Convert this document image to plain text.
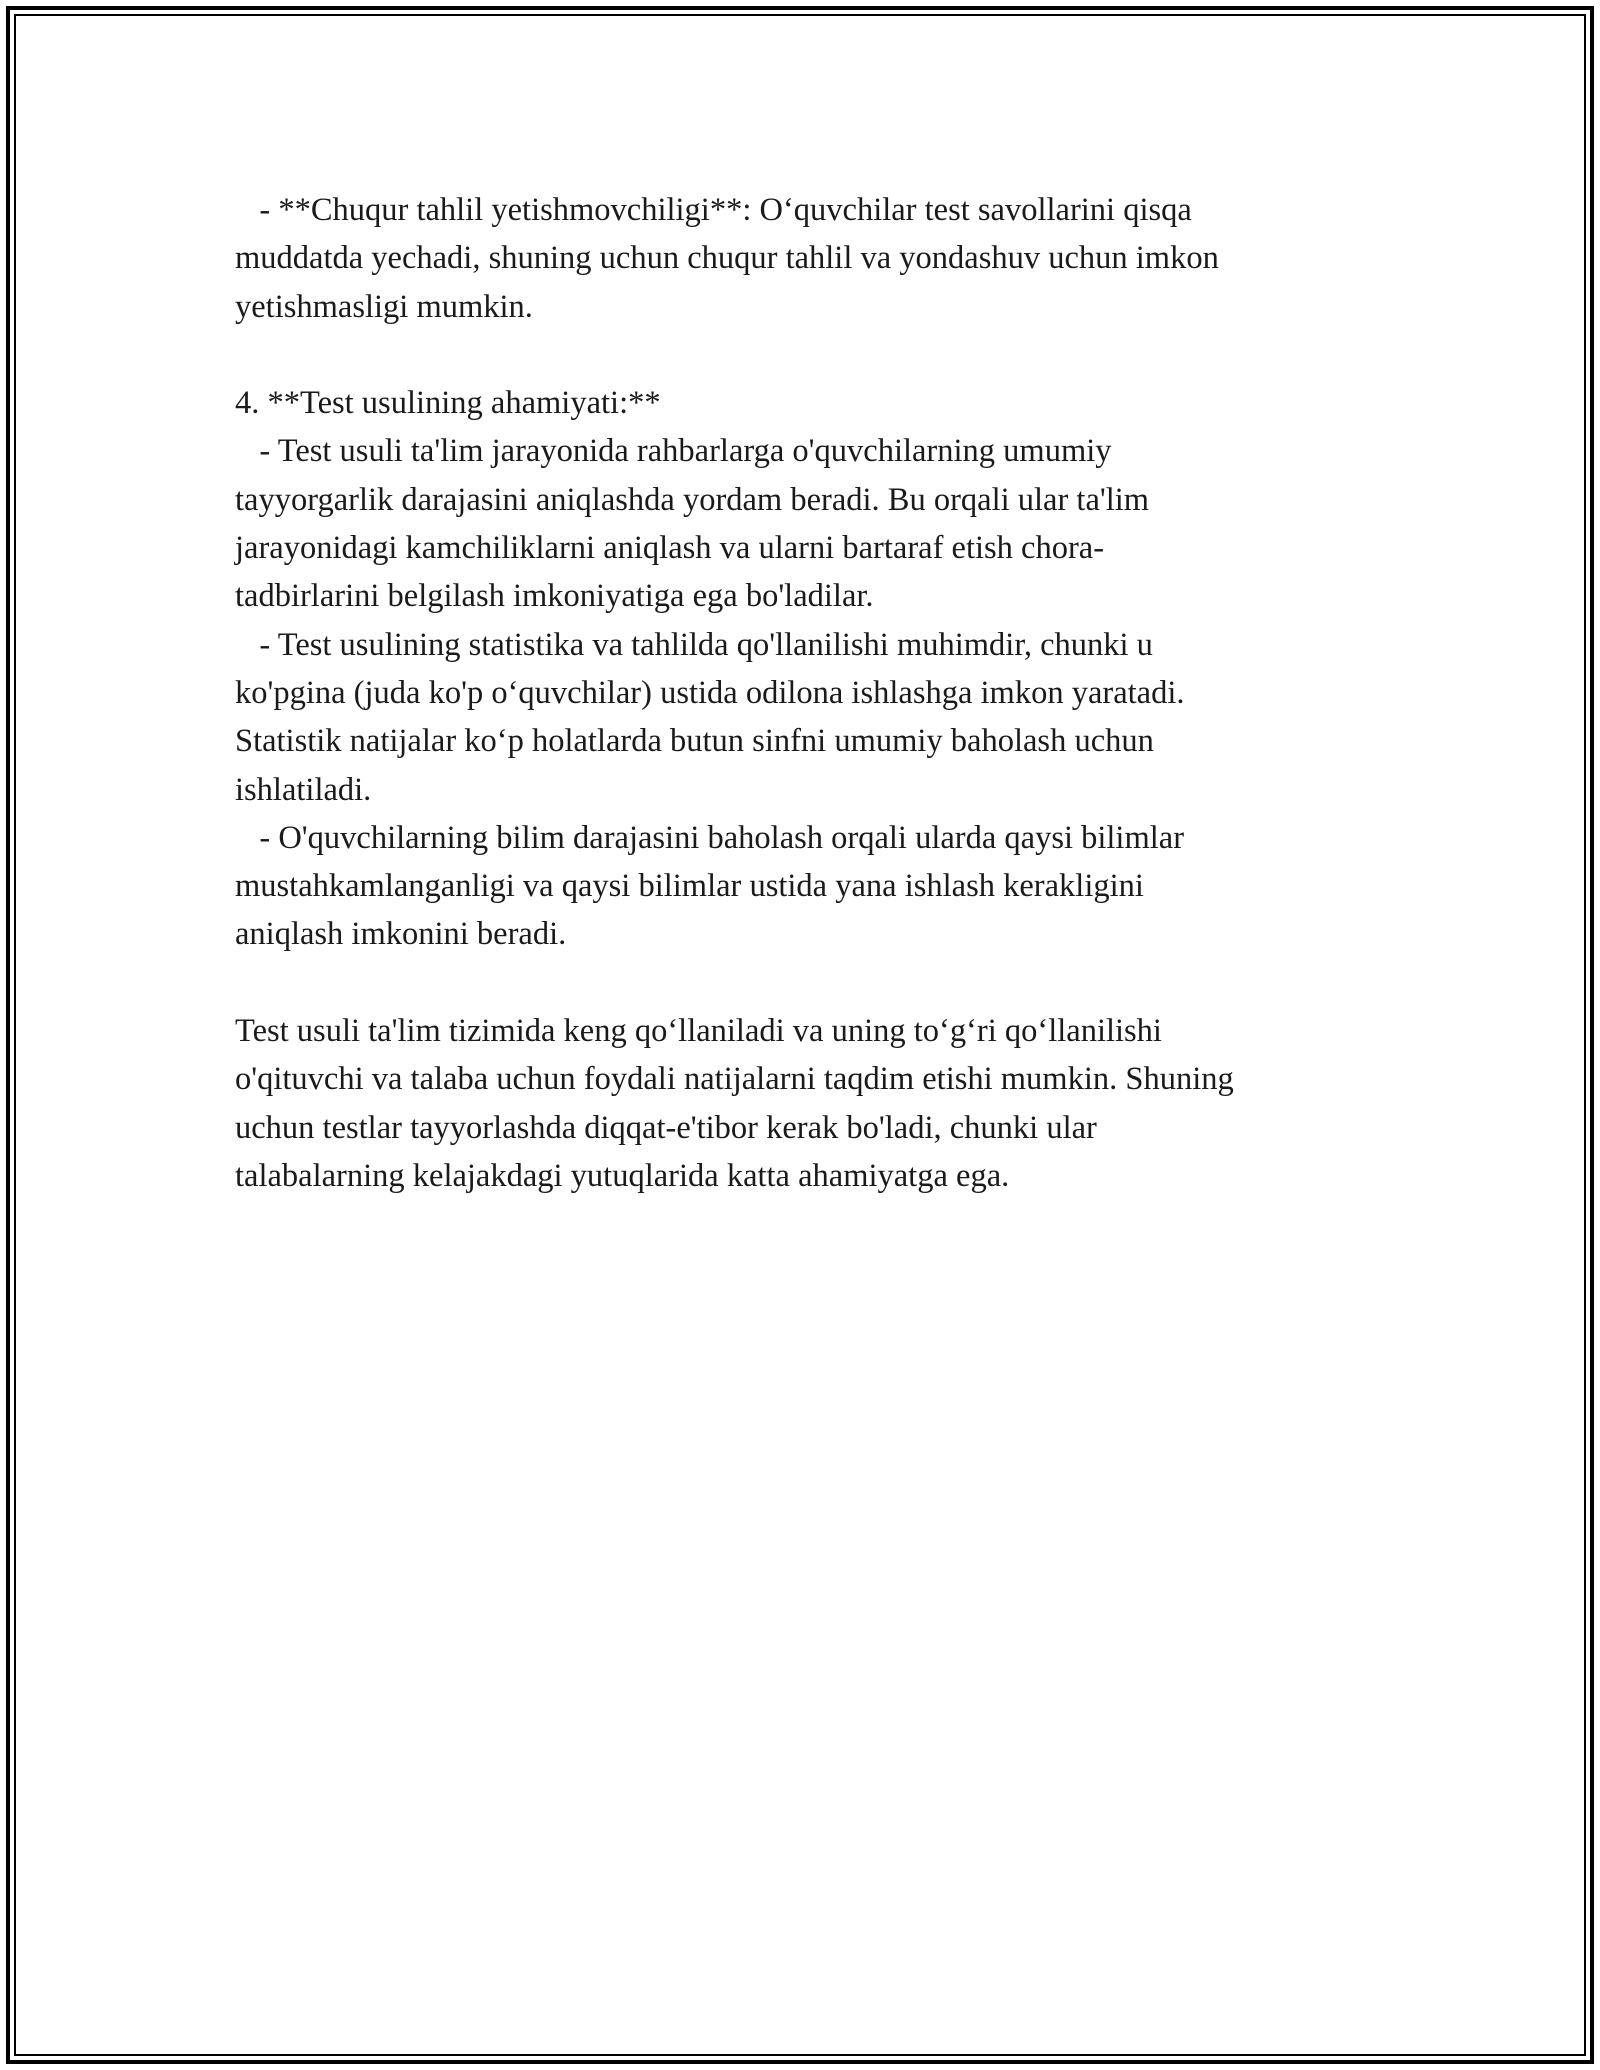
- **Chuqur tahlil yetishmovchiligi**: O‘quvchilar test savollarini qisqa
muddatda yechadi, shuning uchun chuqur tahlil va yondashuv uchun imkon
yetishmasligi mumkin.
4. **Test usulining ahamiyati:**
- Test usuli ta'lim jarayonida rahbarlarga o'quvchilarning umumiy
tayyorgarlik darajasini aniqlashda yordam beradi. Bu orqali ular ta'lim
jarayonidagi kamchiliklarni aniqlash va ularni bartaraf etish chora-
tadbirlarini belgilash imkoniyatiga ega bo'ladilar.
- Test usulining statistika va tahlilda qo'llanilishi muhimdir, chunki u
ko'pgina (juda ko'p o‘quvchilar) ustida odilona ishlashga imkon yaratadi.
Statistik natijalar ko‘p holatlarda butun sinfni umumiy baholash uchun
ishlatiladi.
- O'quvchilarning bilim darajasini baholash orqali ularda qaysi bilimlar
mustahkamlanganligi va qaysi bilimlar ustida yana ishlash kerakligini
aniqlash imkonini beradi.
Test usuli ta'lim tizimida keng qo‘llaniladi va uning to‘g‘ri qo‘llanilishi
o'qituvchi va talaba uchun foydali natijalarni taqdim etishi mumkin. Shuning
uchun testlar tayyorlashda diqqat-e'tibor kerak bo'ladi, chunki ular
talabalarning kelajakdagi yutuqlarida katta ahamiyatga ega.
